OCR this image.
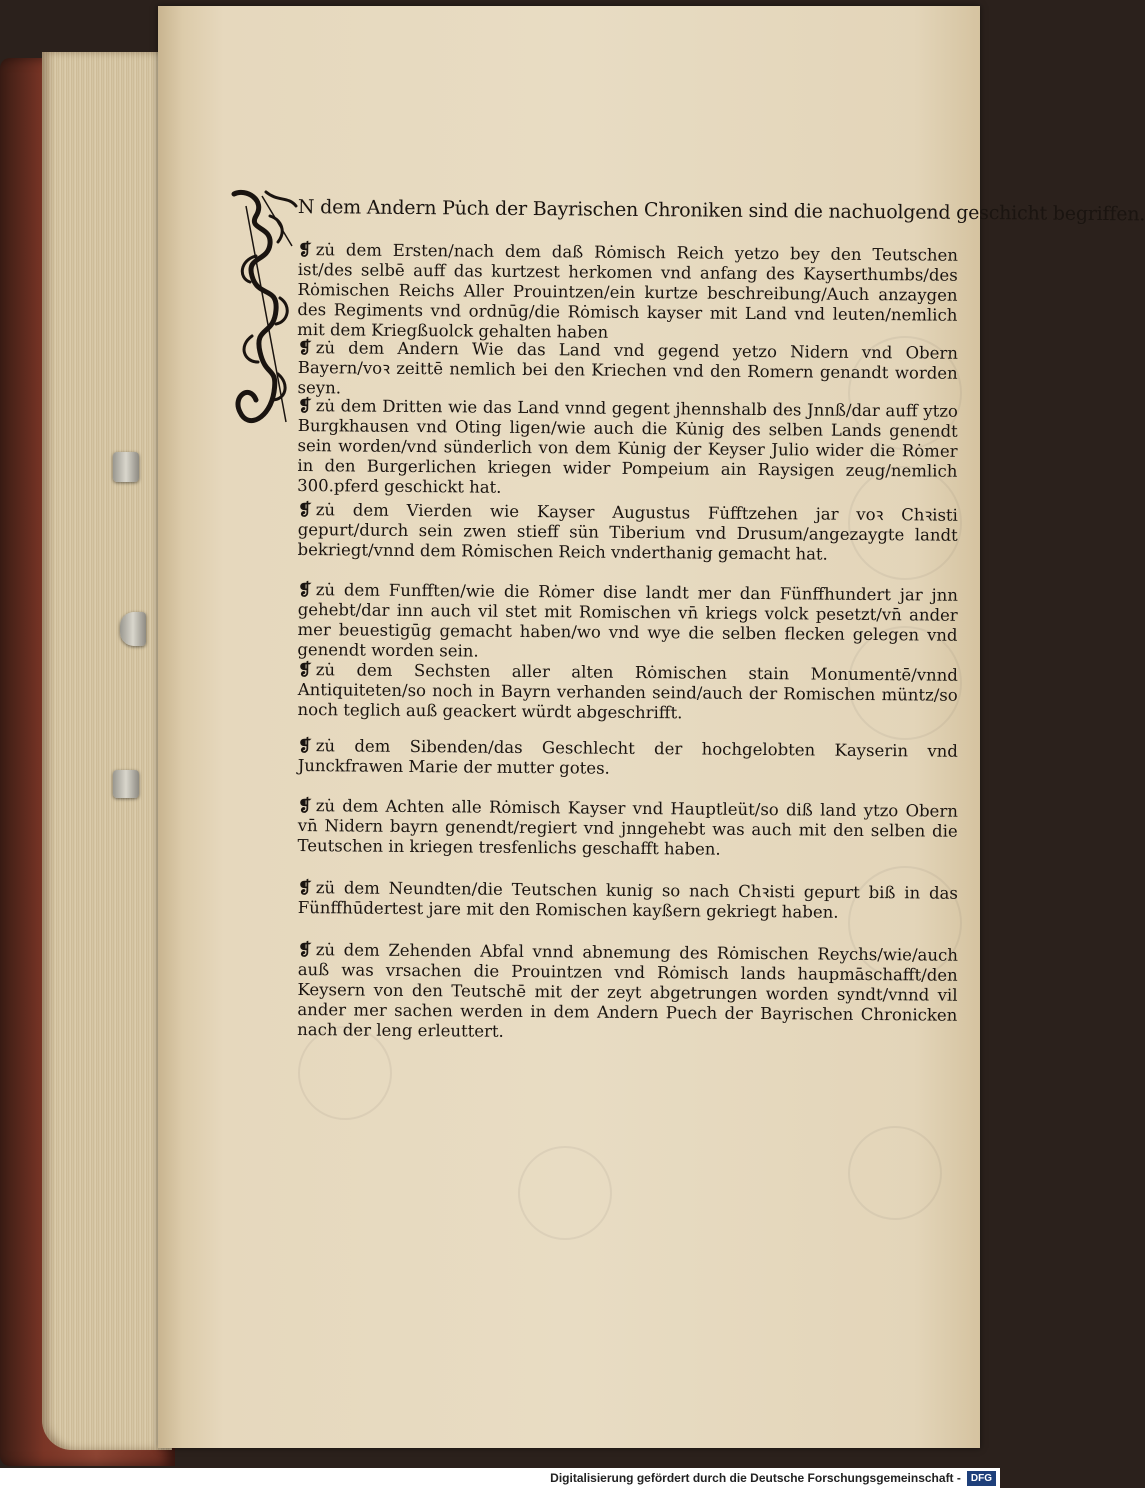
N dem Andern Pu̇ch der Bayrischen Chroniken sind die nachuolgend geschicht begriffen.
❡ zu̇ dem Ersten/nach dem daß Rȯmisch Reich yetzo bey den Teutschen ist/des selbē auff das kurtzest herkomen vnd anfang des Kayserthumbs/des Rȯmischen Reichs Aller Prouintzen/ein kurtze beschreibung/Auch anzaygen des Regiments vnd ordnūg/die Rȯmisch kayser mit Land vnd leuten/nemlich mit dem Kriegßuolck gehalten haben
❡ zu̇ dem Andern Wie das Land vnd gegend yetzo Nidern vnd Obern Bayern/voꝛ zeittē nemlich bei den Kriechen vnd den Romern genandt worden seyn.
❡ zu̇ dem Dritten wie das Land vnnd gegent jhennshalb des Jnnß/dar auff ytzo Burgkhausen vnd Oting ligen/wie auch die Ku̇nig des selben Lands genendt sein worden/vnd sünderlich von dem Ku̇nig der Keyser Julio wider die Rȯmer in den Burgerlichen kriegen wider Pompeium ain Raysigen zeug/nemlich 300.pferd geschickt hat.
❡ zu̇ dem Vierden wie Kayser Augustus Fu̇fftzehen jar voꝛ Chꝛisti gepurt/durch sein zwen stieff sün Tiberium vnd Drusum/angezaygte landt bekriegt/vnnd dem Rȯmischen Reich vnderthanig gemacht hat.
❡ zu̇ dem Funfften/wie die Rȯmer dise landt mer dan Fünffhundert jar jnn gehebt/dar inn auch vil stet mit Romischen vn̄ kriegs volck pesetzt/vn̄ ander mer beuestigūg gemacht haben/wo vnd wye die selben flecken gelegen vnd genendt worden sein.
❡ zu̇ dem Sechsten aller alten Rȯmischen stain Monumentē/vnnd Antiquiteten/so noch in Bayrn verhanden seind/auch der Romischen müntz/so noch teglich auß geackert würdt abgeschrifft.
❡ zu̇ dem Sibenden/das Geschlecht der hochgelobten Kayserin vnd Junckfrawen Marie der mutter gotes.
❡ zu̇ dem Achten alle Rȯmisch Kayser vnd Hauptleüt/so diß land ytzo Obern vn̄ Nidern bayrn genendt/regiert vnd jnngehebt was auch mit den selben die Teutschen in kriegen tresfenlichs geschafft haben.
❡ zü dem Neundten/die Teutschen kunig so nach Chꝛisti gepurt biß in das Fünffhūdertest jare mit den Romischen kayßern gekriegt haben.
❡ zu̇ dem Zehenden Abfal vnnd abnemung des Rȯmischen Reychs/wie/auch auß was vrsachen die Prouintzen vnd Rȯmisch lands haupmāschafft/den Keysern von den Teutschē mit der zeyt abgetrungen worden syndt/vnnd vil ander mer sachen werden in dem Andern Puech der Bayrischen Chronicken nach der leng erleuttert.
Digitalisierung gefördert durch die Deutsche Forschungsgemeinschaft - DFG
